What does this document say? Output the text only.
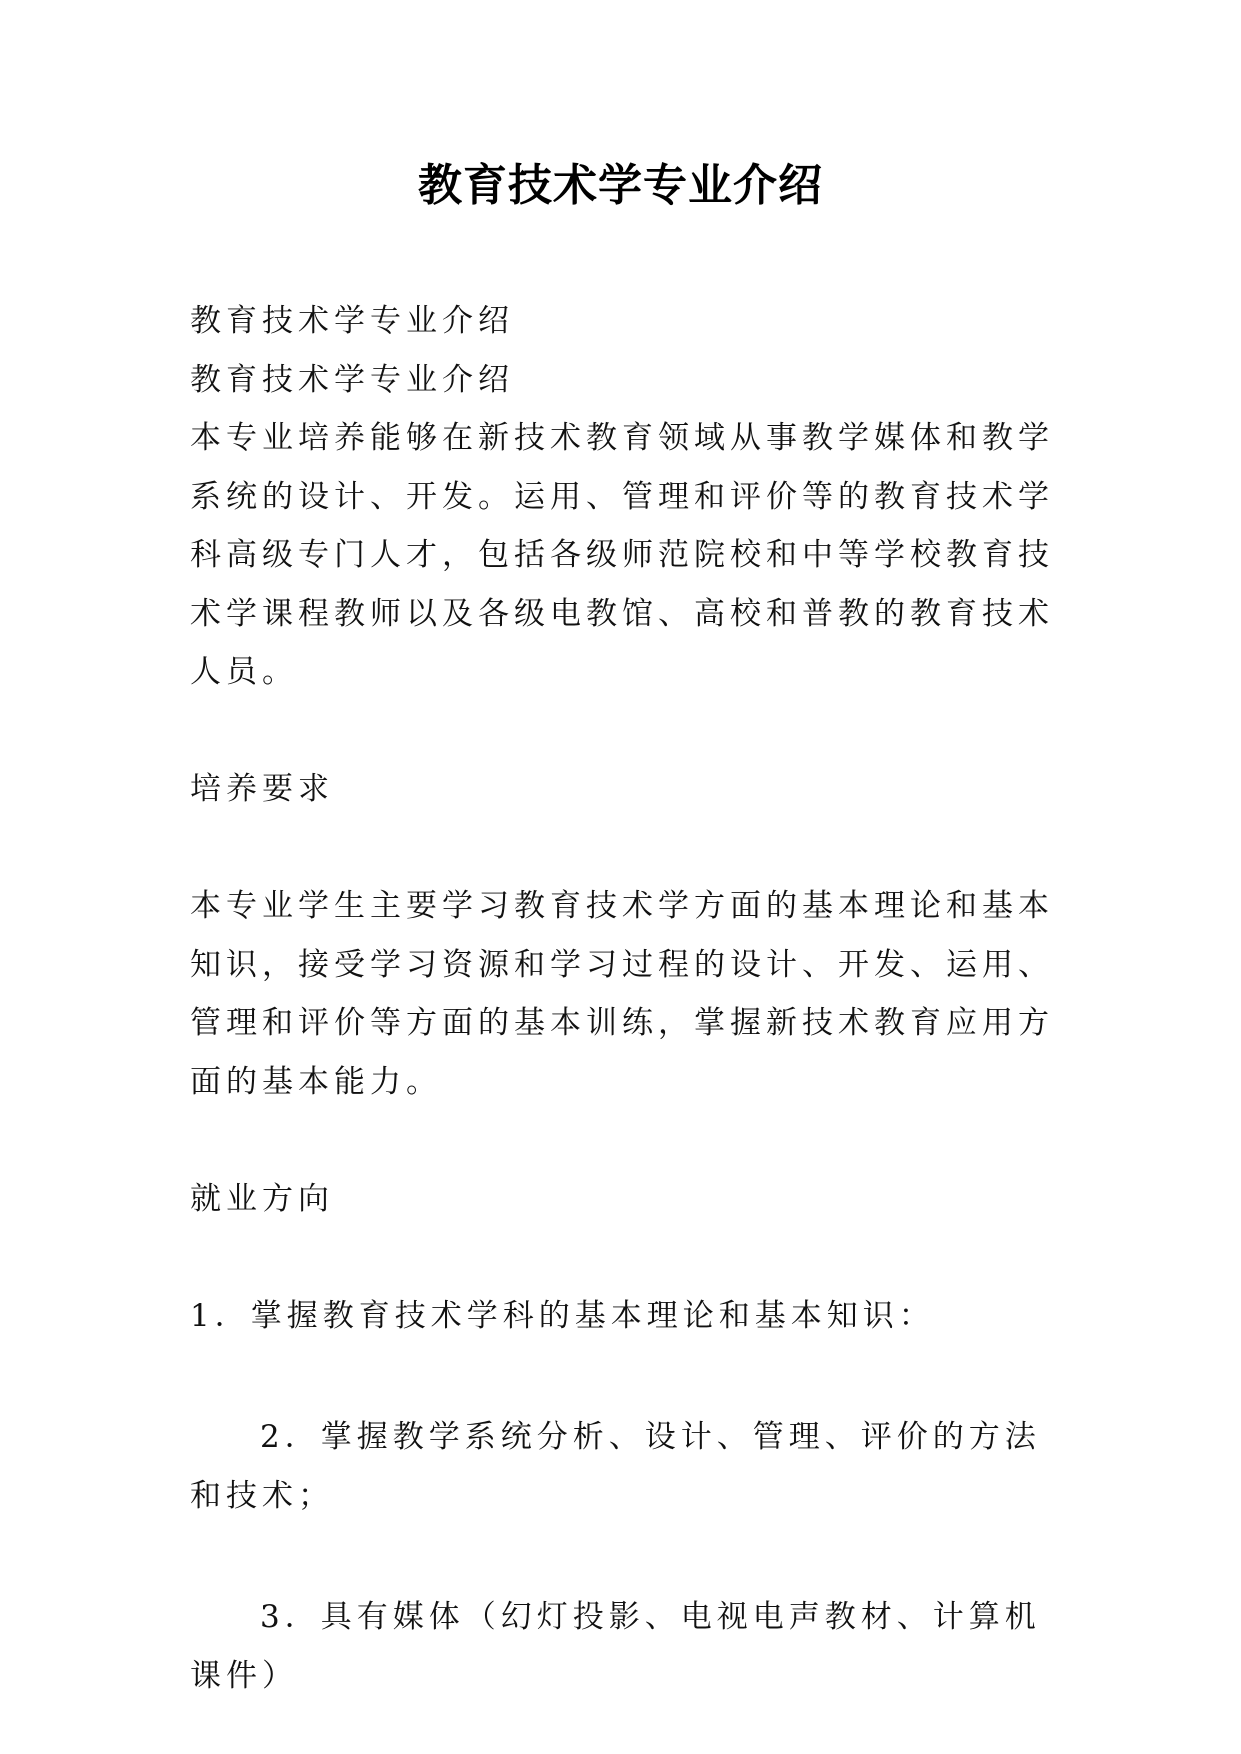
教育技术学专业介绍

教育技术学专业介绍

教育技术学专业介绍

本专业培养能够在新技术教育领域从事教学媒体和教学系统的设计、开发。运用、管理和评价等的教育技术学科高级专门人才，包括各级师范院校和中等学校教育技术学课程教师以及各级电教馆、高校和普教的教育技术人员。

培养要求

本专业学生主要学习教育技术学方面的基本理论和基本知识，接受学习资源和学习过程的设计、开发、运用、管理和评价等方面的基本训练，掌握新技术教育应用方面的基本能力。

就业方向

1．掌握教育技术学科的基本理论和基本知识：

2．掌握教学系统分析、设计、管理、评价的方法和技术；

3．具有媒体（幻灯投影、电视电声教材、计算机课件）
